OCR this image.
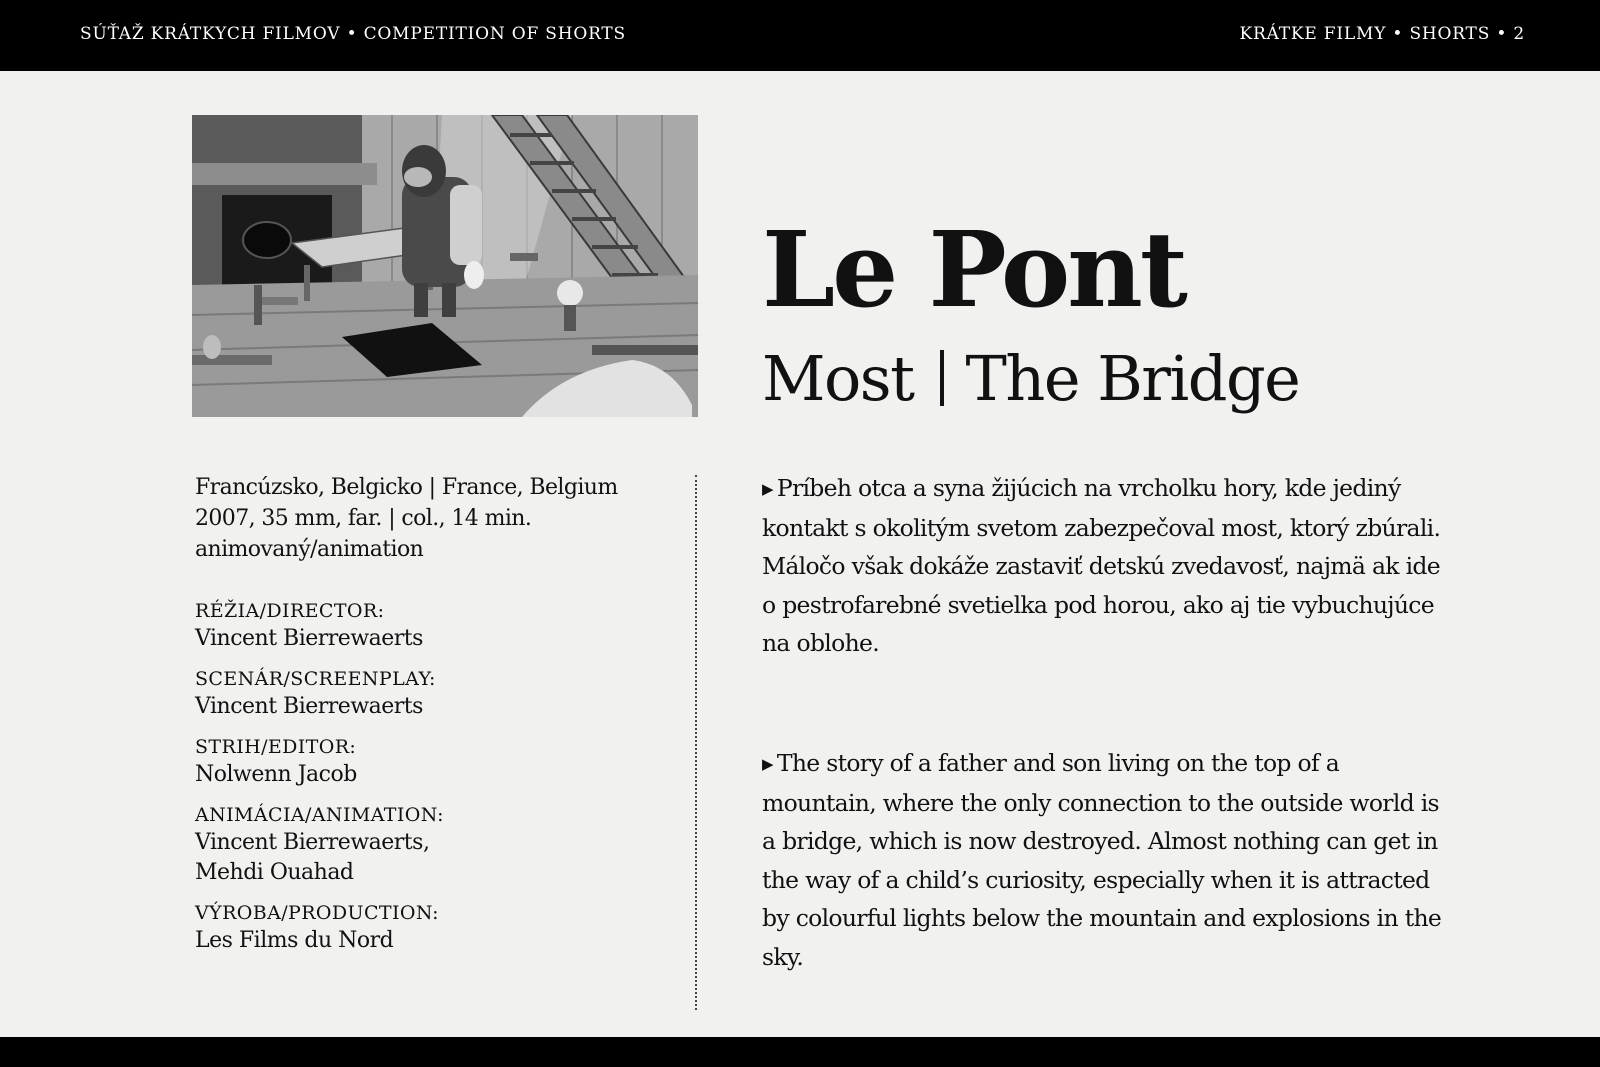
SÚŤAŽ KRÁTKYCH FILMOV • COMPETITION OF SHORTS	KRÁTKE FILMY • SHORTS • 2
Le Pont
Most The Bridge
Francúzsko, Belgicko | France, Belgium
2007, 35 mm, far. | col., 14 min.
animovaný/animation
RÉŽIA/DIRECTOR:
Vincent Bierrewaerts
SCENÁR/SCREENPLAY:
Vincent Bierrewaerts
STRIH/EDITOR:
Nolwenn Jacob
ANIMÁCIA/ANIMATION:
Vincent Bierrewaerts,
Mehdi Ouahad
VÝROBA/PRODUCTION:
Les Films du Nord
▶ Príbeh otca a syna žijúcich na vrcholku hory, kde jediný kontakt s okolitým svetom zabezpečoval most, ktorý zbúrali. Máločo však dokáže zastaviť detskú zvedavosť, najmä ak ide o pestrofarebné svetielka pod horou, ako aj tie vybuchujúce na oblohe.
▶ The story of a father and son living on the top of a mountain, where the only connection to the outside world is a bridge, which is now destroyed. Almost nothing can get in the way of a child’s curiosity, especially when it is attracted by colourful lights below the mountain and explosions in the sky.
